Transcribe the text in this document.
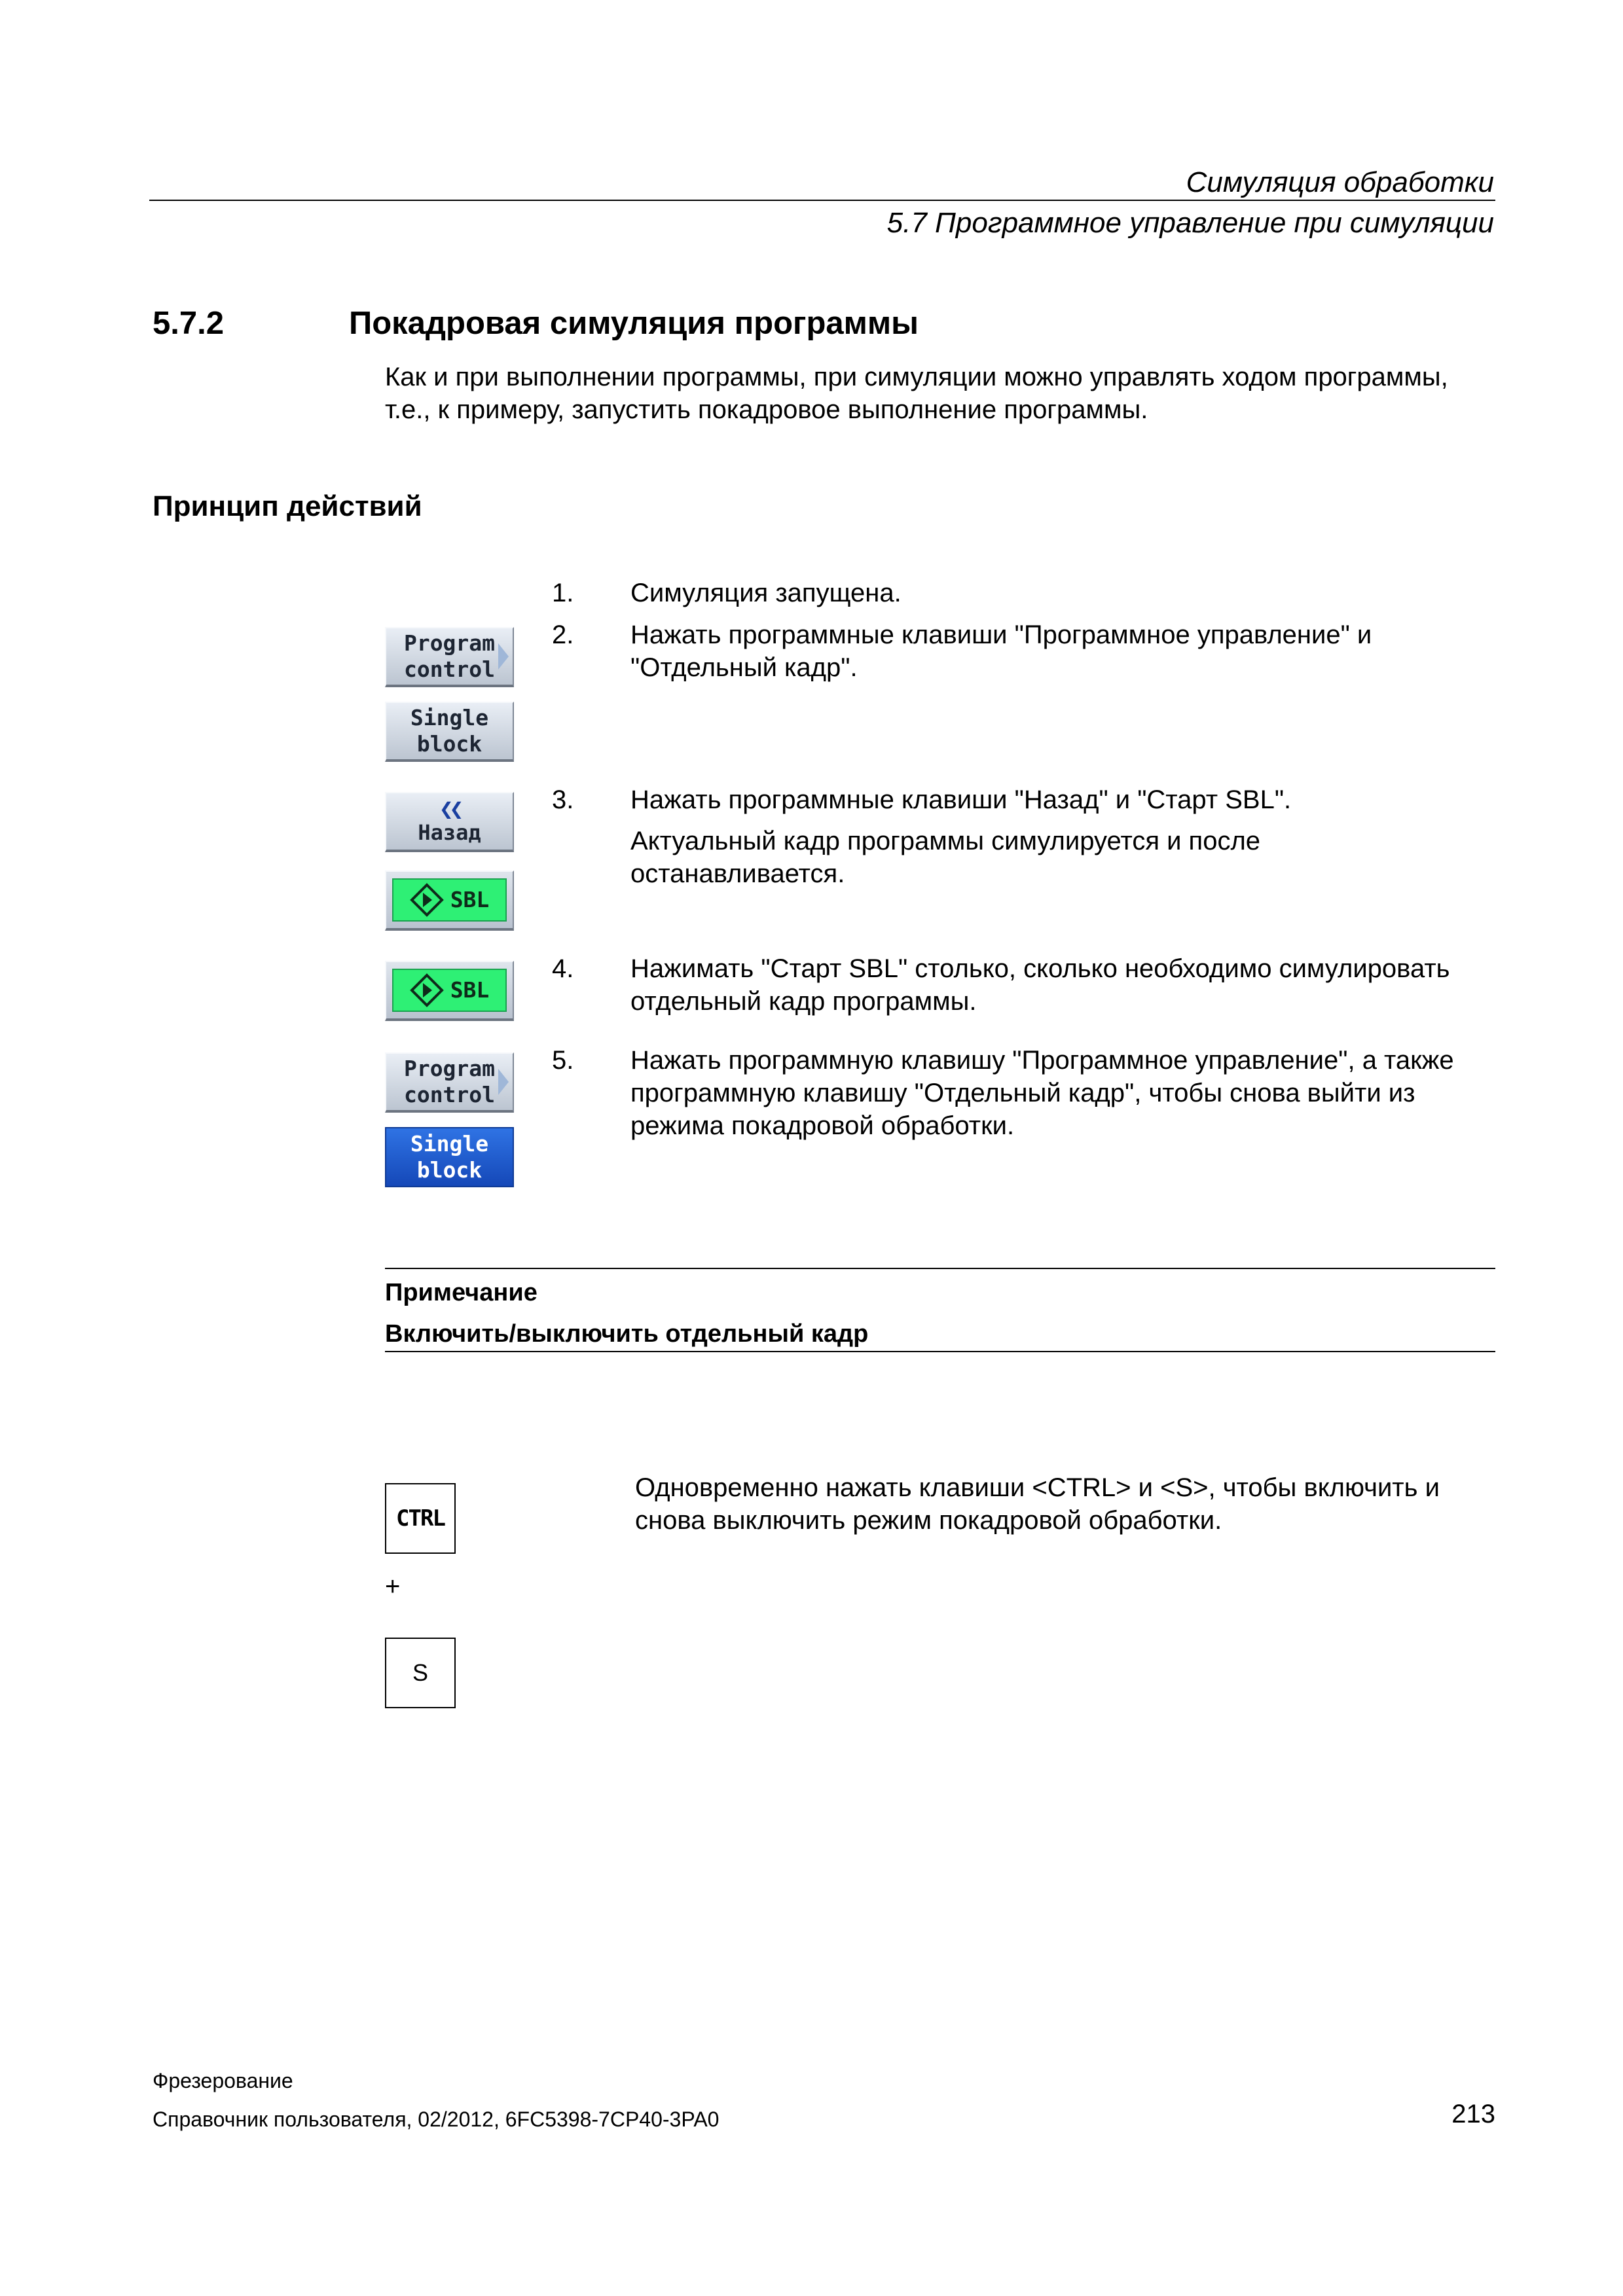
Симуляция обработки
5.7 Программное управление при симуляции
5.7.2	Покадровая симуляция программы
Как и при выполнении программы, при симуляции можно управлять ходом программы,
т.е., к примеру, запустить покадровое выполнение программы.
Принцип действий
1. Симуляция запущена.
Program
control
Single
block
2. Нажать программные клавиши "Программное управление" и
"Отдельный кадр".
❮❮
Назад
SBL
3. Нажать программные клавиши "Назад" и "Старт SBL".
Актуальный кадр программы симулируется и после
останавливается.
SBL
4. Нажимать "Старт SBL" столько, сколько необходимо симулировать
отдельный кадр программы.
Program
control
Single
block
5. Нажать программную клавишу "Программное управление", а также
программную клавишу "Отдельный кадр", чтобы снова выйти из
режима покадровой обработки.
Примечание
Включить/выключить отдельный кадр
CTRL
+
S
Одновременно нажать клавиши <CTRL> и <S>, чтобы включить и
снова выключить режим покадровой обработки.
Фрезерование
Справочник пользователя, 02/2012, 6FC5398-7CP40-3PA0	213
